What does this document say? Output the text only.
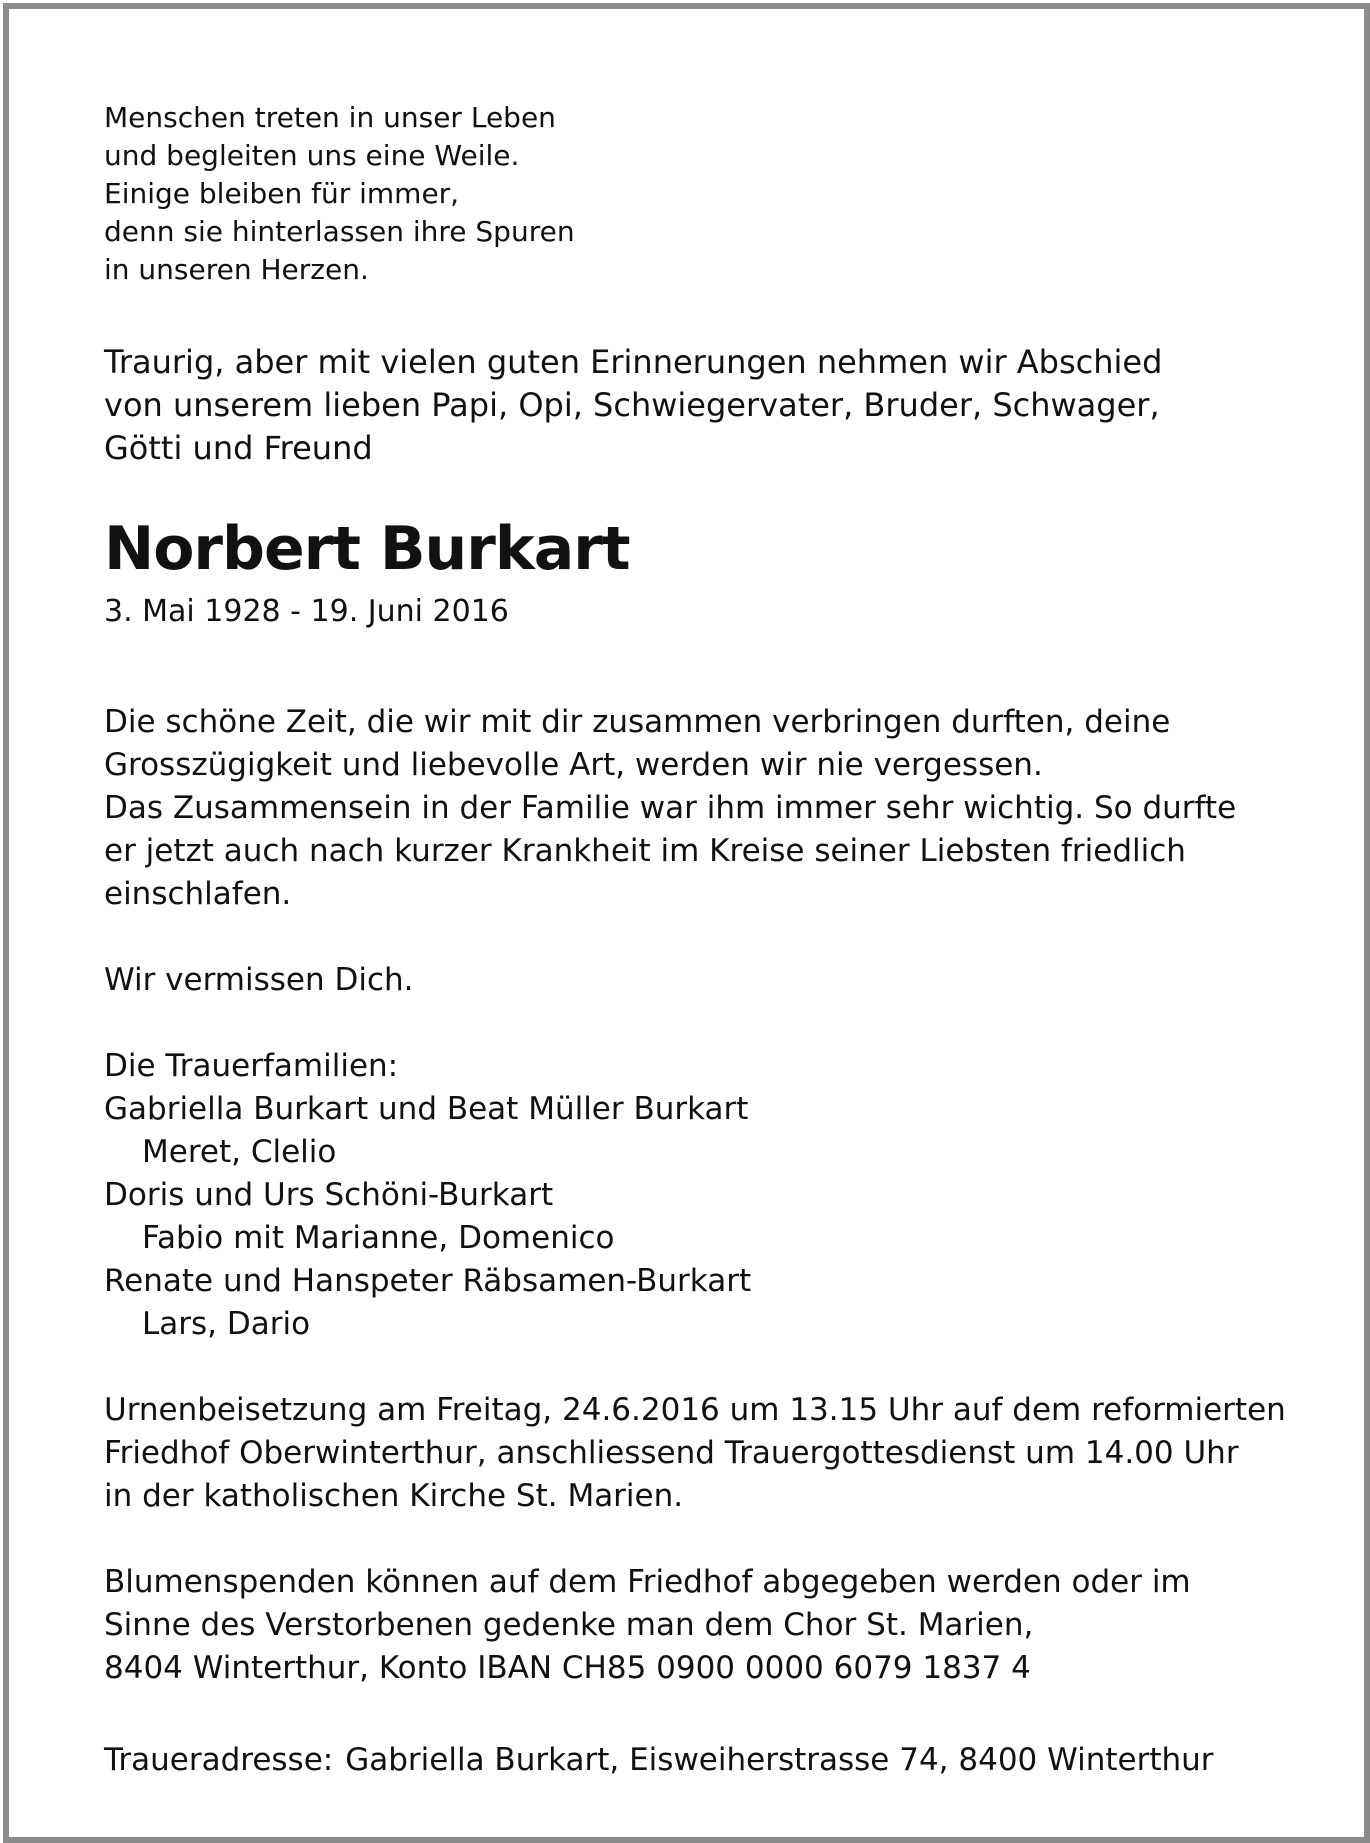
Menschen treten in unser Leben
und begleiten uns eine Weile.
Einige bleiben für immer,
denn sie hinterlassen ihre Spuren
in unseren Herzen.
Traurig, aber mit vielen guten Erinnerungen nehmen wir Abschied
von unserem lieben Papi, Opi, Schwiegervater, Bruder, Schwager,
Götti und Freund
Norbert Burkart
3. Mai 1928 - 19. Juni 2016
Die schöne Zeit, die wir mit dir zusammen verbringen durften, deine
Grosszügigkeit und liebevolle Art, werden wir nie vergessen.
Das Zusammensein in der Familie war ihm immer sehr wichtig. So durfte
er jetzt auch nach kurzer Krankheit im Kreise seiner Liebsten friedlich
einschlafen.
Wir vermissen Dich.
Die Trauerfamilien:
Gabriella Burkart und Beat Müller Burkart
Meret, Clelio
Doris und Urs Schöni-Burkart
Fabio mit Marianne, Domenico
Renate und Hanspeter Räbsamen-Burkart
Lars, Dario
Urnenbeisetzung am Freitag, 24.6.2016 um 13.15 Uhr auf dem reformierten
Friedhof Oberwinterthur, anschliessend Trauergottesdienst um 14.00 Uhr
in der katholischen Kirche St. Marien.
Blumenspenden können auf dem Friedhof abgegeben werden oder im
Sinne des Verstorbenen gedenke man dem Chor St. Marien,
8404 Winterthur, Konto IBAN CH85 0900 0000 6079 1837 4
Traueradresse: Gabriella Burkart, Eisweiherstrasse 74, 8400 Winterthur
